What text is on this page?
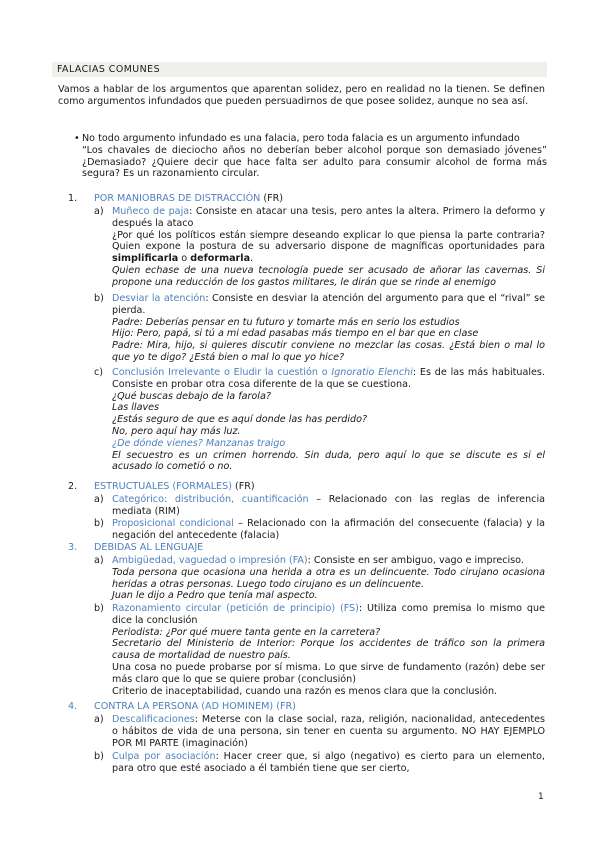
FALACIAS COMUNES

Vamos a hablar de los argumentos que aparentan solidez, pero en realidad no la tienen. Se definen como argumentos infundados que pueden persuadirnos de que posee solidez, aunque no sea así.

• No todo argumento infundado es una falacia, pero toda falacia es un argumento infundado

“Los chavales de dieciocho años no deberían beber alcohol porque son demasiado jóvenes” ¿Demasiado? ¿Quiere decir que hace falta ser adulto para consumir alcohol de forma más segura? Es un razonamiento circular.

1. POR MANIOBRAS DE DISTRACCIÓN (FR)
a) Muñeco de paja: Consiste en atacar una tesis, pero antes la altera. Primero la deformo y después la ataco

¿Por qué los políticos están siempre deseando explicar lo que piensa la parte contraria? Quien expone la postura de su adversario dispone de magníficas oportunidades para simplificarla o deformarla.

Quien echase de una nueva tecnología puede ser acusado de añorar las cavernas. Si propone una reducción de los gastos militares, le dirán que se rinde al enemigo

b) Desviar la atención: Consiste en desviar la atención del argumento para que el “rival” se pierda.

Padre: Deberías pensar en tu futuro y tomarte más en serio los estudios

Hijo: Pero, papá, si tú a mi edad pasabas más tiempo en el bar que en clase

Padre: Mira, hijo, si quieres discutir conviene no mezclar las cosas. ¿Está bien o mal lo que yo te digo? ¿Está bien o mal lo que yo hice?

c) Conclusión Irrelevante o Eludir la cuestión o Ignoratio Elenchi: Es de las más habituales. Consiste en probar otra cosa diferente de la que se cuestiona.

¿Qué buscas debajo de la farola?

Las llaves

¿Estás seguro de que es aquí donde las has perdido?

No, pero aquí hay más luz.

¿De dónde vienes? Manzanas traigo

El secuestro es un crimen horrendo. Sin duda, pero aquí lo que se discute es si el acusado lo cometió o no.

2. ESTRUCTUALES (FORMALES) (FR)
a) Categórico: distribución, cuantificación – Relacionado con las reglas de inferencia mediata (RIM)

b) Proposicional condicional – Relacionado con la afirmación del consecuente (falacia) y la negación del antecedente (falacia)

3. DEBIDAS AL LENGUAJE
a) Ambigüedad, vaguedad o impresión (FA): Consiste en ser ambiguo, vago e impreciso.

Toda persona que ocasiona una herida a otra es un delincuente. Todo cirujano ocasiona heridas a otras personas. Luego todo cirujano es un delincuente.

Juan le dijo a Pedro que tenía mal aspecto.

b) Razonamiento circular (petición de principio) (FS): Utiliza como premisa lo mismo que dice la conclusión

Periodista: ¿Por qué muere tanta gente en la carretera?

Secretario del Ministerio de Interior: Porque los accidentes de tráfico son la primera causa de mortalidad de nuestro país.

Una cosa no puede probarse por sí misma. Lo que sirve de fundamento (razón) debe ser más claro que lo que se quiere probar (conclusión)

Criterio de inaceptabilidad, cuando una razón es menos clara que la conclusión.

4. CONTRA LA PERSONA (AD HOMINEM) (FR)
a) Descalificaciones: Meterse con la clase social, raza, religión, nacionalidad, antecedentes o hábitos de vida de una persona, sin tener en cuenta su argumento. NO HAY EJEMPLO POR MI PARTE (imaginación)

b) Culpa por asociación: Hacer creer que, si algo (negativo) es cierto para un elemento, para otro que esté asociado a él también tiene que ser cierto,

1
